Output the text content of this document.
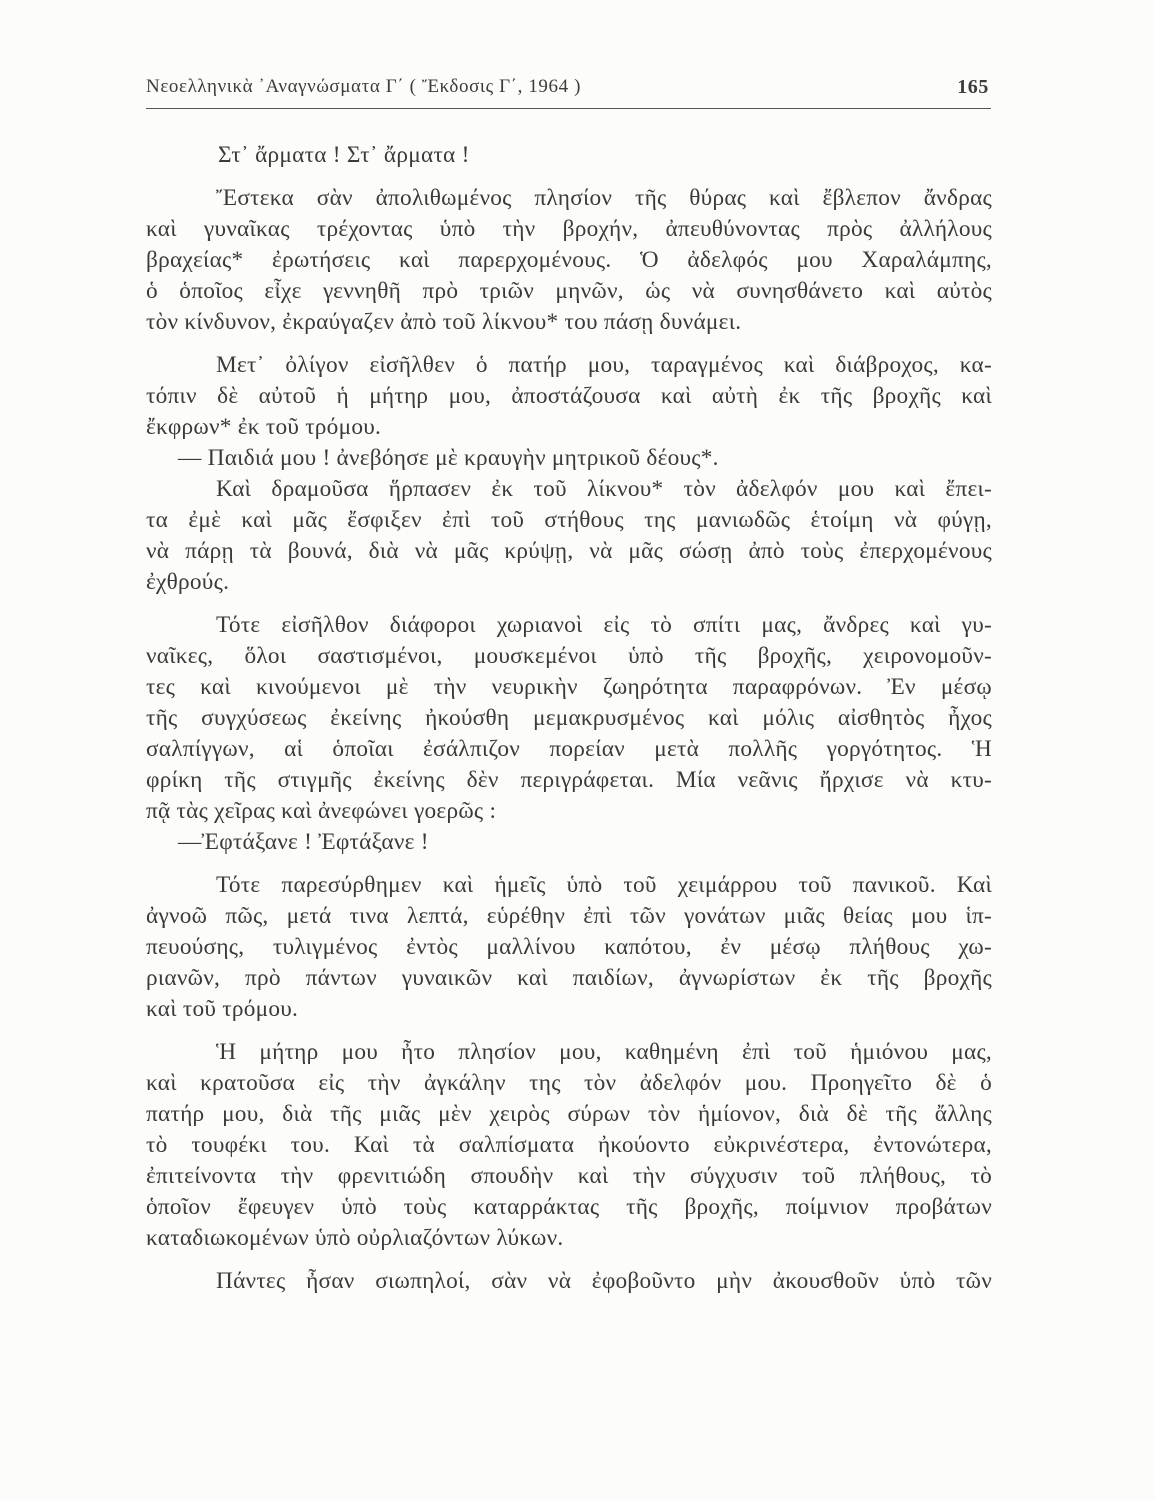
Νεοελληνικὰ ᾿Αναγνώσματα Γ΄ ( Ἔκδοσις Γ΄, 1964 )	165
Στ᾿ ἄρματα ! Στ᾿ ἄρματα !
Ἔστεκα σὰν ἀπολιθωμένος πλησίον τῆς θύρας καὶ ἔβλεπον ἄνδρας
καὶ γυναῖκας τρέχοντας ὑπὸ τὴν βροχήν, ἀπευθύνοντας πρὸς ἀλλήλους
βραχείας* ἐρωτήσεις καὶ παρερχομένους. Ὁ ἀδελφός μου Χαραλάμπης,
ὁ ὁποῖος εἶχε γεννηθῆ πρὸ τριῶν μηνῶν, ὡς νὰ συνησθάνετο καὶ αὐτὸς
τὸν κίνδυνον, ἐκραύγαζεν ἀπὸ τοῦ λίκνου* του πάσῃ δυνάμει.
Μετ᾿ ὀλίγον εἰσῆλθεν ὁ πατήρ μου, ταραγμένος καὶ διάβροχος, κα-
τόπιν δὲ αὐτοῦ ἡ μήτηρ μου, ἀποστάζουσα καὶ αὐτὴ ἐκ τῆς βροχῆς καὶ
ἔκφρων* ἐκ τοῦ τρόμου.
— Παιδιά μου ! ἀνεβόησε μὲ κραυγὴν μητρικοῦ δέους*.
Καὶ δραμοῦσα ἥρπασεν ἐκ τοῦ λίκνου* τὸν ἀδελφόν μου καὶ ἔπει-
τα ἐμὲ καὶ μᾶς ἔσφιξεν ἐπὶ τοῦ στήθους της μανιωδῶς ἑτοίμη νὰ φύγῃ,
νὰ πάρῃ τὰ βουνά, διὰ νὰ μᾶς κρύψῃ, νὰ μᾶς σώσῃ ἀπὸ τοὺς ἐπερχομένους
ἐχθρούς.
Τότε εἰσῆλθον διάφοροι χωριανοὶ εἰς τὸ σπίτι μας, ἄνδρες καὶ γυ-
ναῖκες, ὅλοι σαστισμένοι, μουσκεμένοι ὑπὸ τῆς βροχῆς, χειρονομοῦν-
τες καὶ κινούμενοι μὲ τὴν νευρικὴν ζωηρότητα παραφρόνων. Ἐν μέσῳ
τῆς συγχύσεως ἐκείνης ἠκούσθη μεμακρυσμένος καὶ μόλις αἰσθητὸς ἦχος
σαλπίγγων, αἱ ὁποῖαι ἐσάλπιζον πορείαν μετὰ πολλῆς γοργότητος. Ἡ
φρίκη τῆς στιγμῆς ἐκείνης δὲν περιγράφεται. Μία νεᾶνις ἤρχισε νὰ κτυ-
πᾷ τὰς χεῖρας καὶ ἀνεφώνει γοερῶς :
—Ἐφτάξανε ! Ἐφτάξανε !
Τότε παρεσύρθημεν καὶ ἡμεῖς ὑπὸ τοῦ χειμάρρου τοῦ πανικοῦ. Καὶ
ἀγνοῶ πῶς, μετά τινα λεπτά, εὑρέθην ἐπὶ τῶν γονάτων μιᾶς θείας μου ἱπ-
πευούσης, τυλιγμένος ἐντὸς μαλλίνου καπότου, ἐν μέσῳ πλήθους χω-
ριανῶν, πρὸ πάντων γυναικῶν καὶ παιδίων, ἀγνωρίστων ἐκ τῆς βροχῆς
καὶ τοῦ τρόμου.
Ἡ μήτηρ μου ἦτο πλησίον μου, καθημένη ἐπὶ τοῦ ἡμιόνου μας,
καὶ κρατοῦσα εἰς τὴν ἀγκάλην της τὸν ἀδελφόν μου. Προηγεῖτο δὲ ὁ
πατήρ μου, διὰ τῆς μιᾶς μὲν χειρὸς σύρων τὸν ἡμίονον, διὰ δὲ τῆς ἄλλης
τὸ τουφέκι του. Καὶ τὰ σαλπίσματα ἠκούοντο εὐκρινέστερα, ἐντονώτερα,
ἐπιτείνοντα τὴν φρενιτιώδη σπουδὴν καὶ τὴν σύγχυσιν τοῦ πλήθους, τὸ
ὁποῖον ἔφευγεν ὑπὸ τοὺς καταρράκτας τῆς βροχῆς, ποίμνιον προβάτων
καταδιωκομένων ὑπὸ οὐρλιαζόντων λύκων.
Πάντες ἦσαν σιωπηλοί, σὰν νὰ ἐφοβοῦντο μὴν ἀκουσθοῦν ὑπὸ τῶν
